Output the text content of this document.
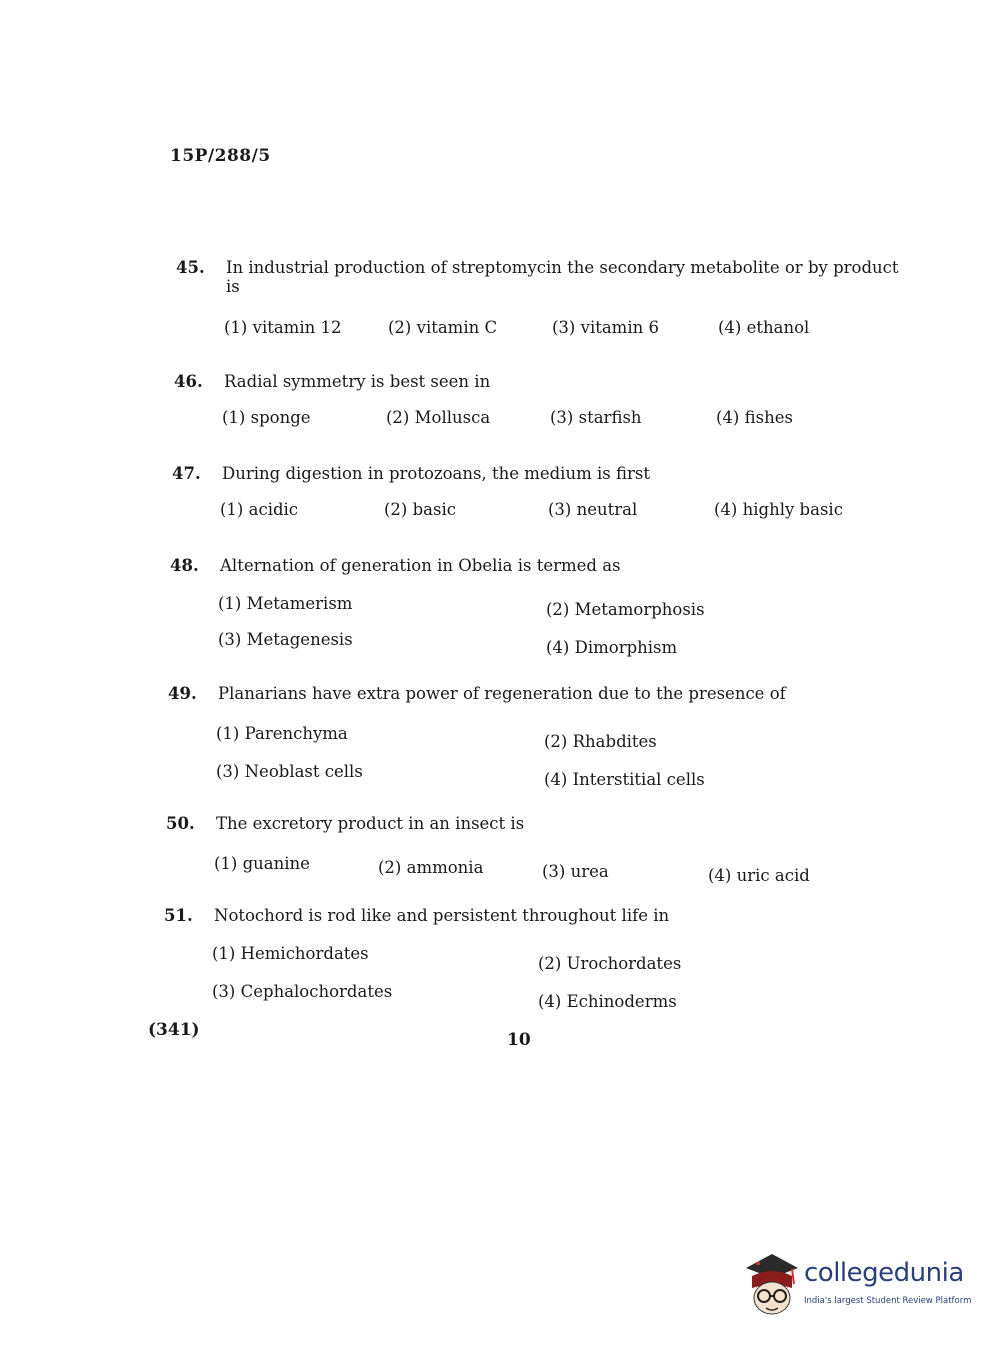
15P/288/5
45. In industrial production of streptomycin the secondary metabolite or by product is
(1) vitamin 12	(2) vitamin C	(3) vitamin 6	(4) ethanol
46. Radial symmetry is best seen in
(1) sponge	(2) Mollusca	(3) starfish	(4) fishes
47. During digestion in protozoans, the medium is first
(1) acidic	(2) basic	(3) neutral	(4) highly basic
48. Alternation of generation in Obelia is termed as
(1) Metamerism	(2) Metamorphosis
(3) Metagenesis	(4) Dimorphism
49. Planarians have extra power of regeneration due to the presence of
(1) Parenchyma	(2) Rhabdites
(3) Neoblast cells	(4) Interstitial cells
50. The excretory product in an insect is
(1) guanine	(2) ammonia	(3) urea	(4) uric acid
51. Notochord is rod like and persistent throughout life in
(1) Hemichordates
(2) Urochordates
(3) Cephalochordates
(4) Echinoderms
(341)	10
collegedunia
India's largest Student Review Platform
